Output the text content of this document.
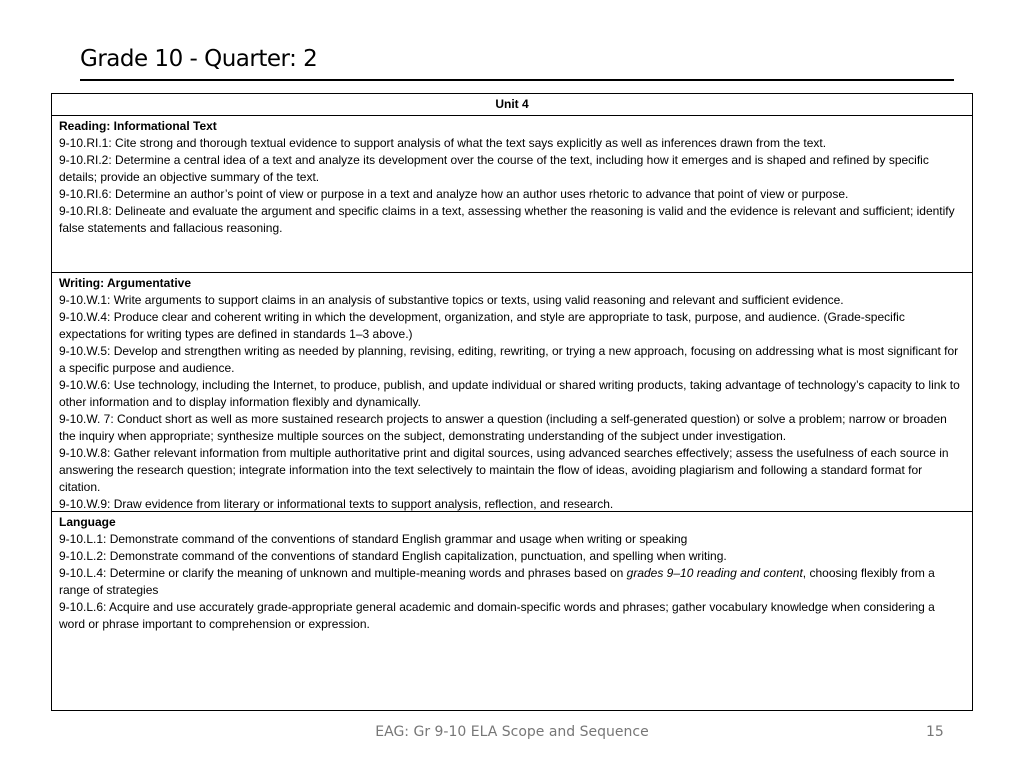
Grade 10 - Quarter: 2
Unit 4
Reading: Informational Text
9-10.RI.1: Cite strong and thorough textual evidence to support analysis of what the text says explicitly as well as inferences drawn from the text.
9-10.RI.2: Determine a central idea of a text and analyze its development over the course of the text, including how it emerges and is shaped and refined by specific details; provide an objective summary of the text.
9-10.RI.6: Determine an author’s point of view or purpose in a text and analyze how an author uses rhetoric to advance that point of view or purpose.
9-10.RI.8: Delineate and evaluate the argument and specific claims in a text, assessing whether the reasoning is valid and the evidence is relevant and sufficient; identify false statements and fallacious reasoning.
Writing: Argumentative
9-10.W.1: Write arguments to support claims in an analysis of substantive topics or texts, using valid reasoning and relevant and sufficient evidence.
9-10.W.4: Produce clear and coherent writing in which the development, organization, and style are appropriate to task, purpose, and audience. (Grade-specific expectations for writing types are defined in standards 1–3 above.)
9-10.W.5: Develop and strengthen writing as needed by planning, revising, editing, rewriting, or trying a new approach, focusing on addressing what is most significant for a specific purpose and audience.
9-10.W.6: Use technology, including the Internet, to produce, publish, and update individual or shared writing products, taking advantage of technology’s capacity to link to other information and to display information flexibly and dynamically.
9-10.W. 7: Conduct short as well as more sustained research projects to answer a question (including a self-generated question) or solve a problem; narrow or broaden the inquiry when appropriate; synthesize multiple sources on the subject, demonstrating understanding of the subject under investigation.
9-10.W.8: Gather relevant information from multiple authoritative print and digital sources, using advanced searches effectively; assess the usefulness of each source in answering the research question; integrate information into the text selectively to maintain the flow of ideas, avoiding plagiarism and following a standard format for citation.
9-10.W.9: Draw evidence from literary or informational texts to support analysis, reflection, and research.
Language
9-10.L.1: Demonstrate command of the conventions of standard English grammar and usage when writing or speaking
9-10.L.2: Demonstrate command of the conventions of standard English capitalization, punctuation, and spelling when writing.
9-10.L.4: Determine or clarify the meaning of unknown and multiple-meaning words and phrases based on grades 9–10 reading and content, choosing flexibly from a range of strategies
9-10.L.6: Acquire and use accurately grade-appropriate general academic and domain-specific words and phrases; gather vocabulary knowledge when considering a word or phrase important to comprehension or expression.
EAG: Gr 9-10 ELA Scope and Sequence	15
